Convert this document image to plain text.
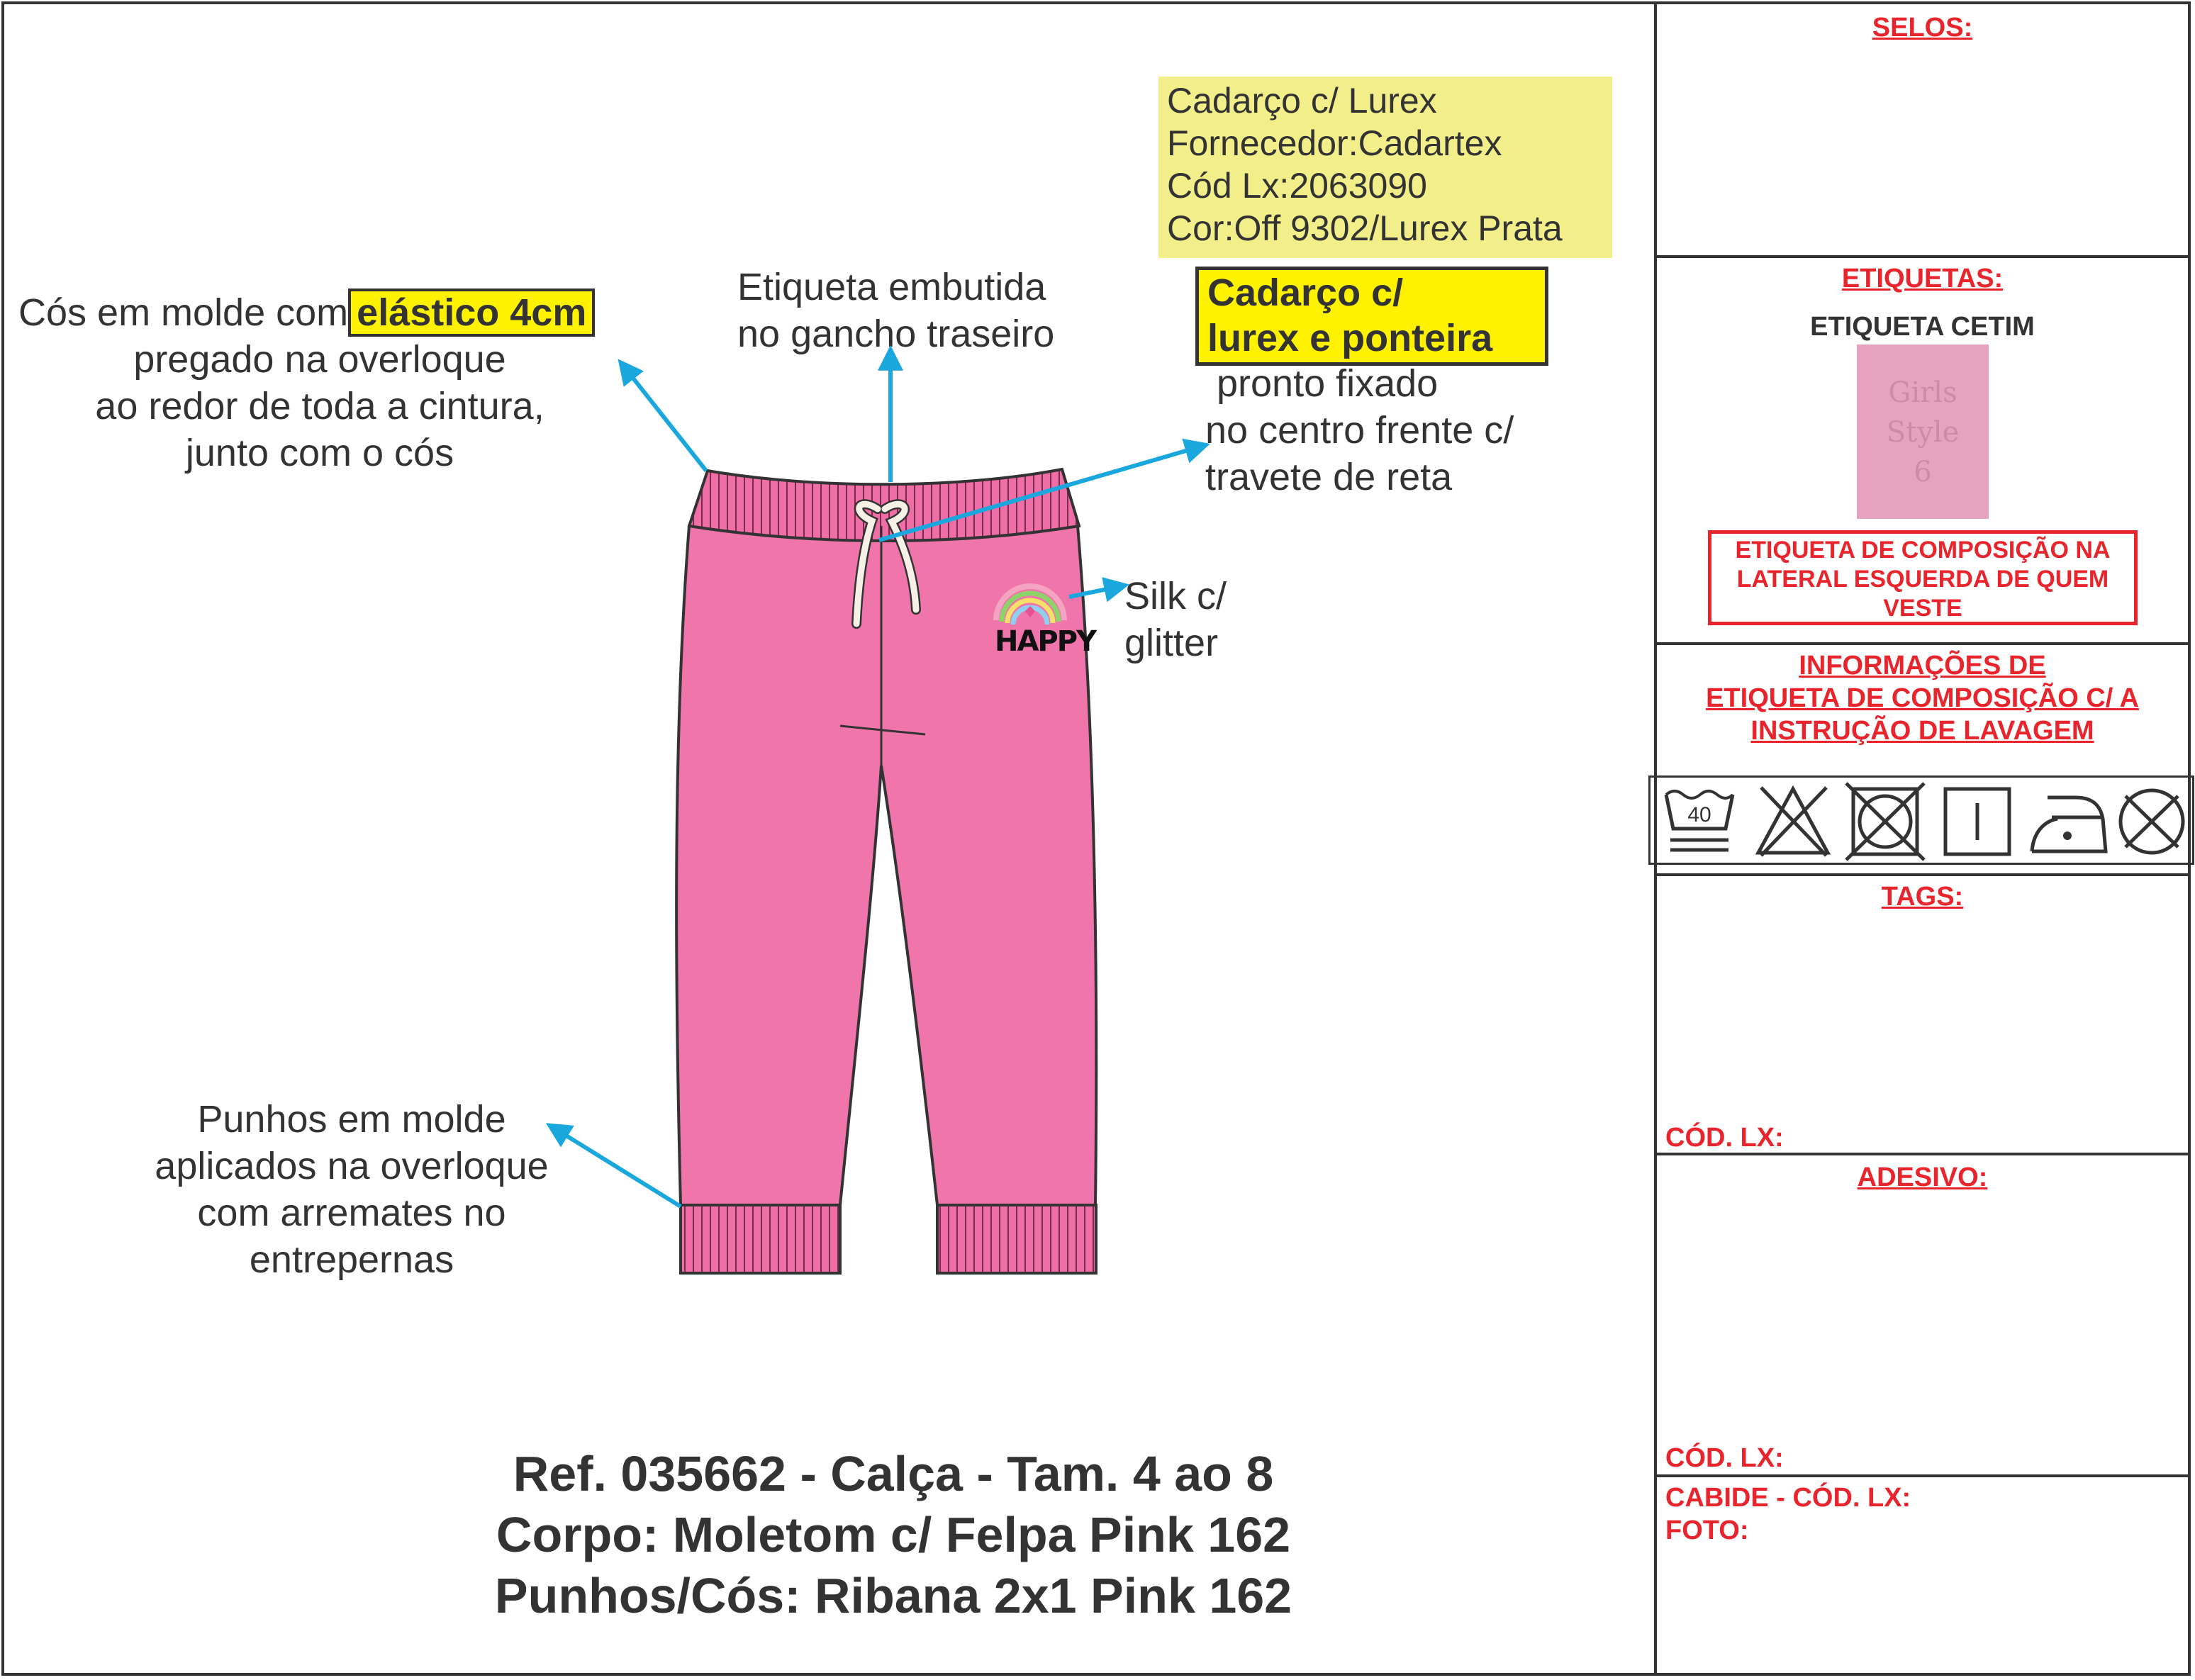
Cós em molde com elástico 4cm
pregado na overloque
ao redor de toda a cintura,
junto com o cós
Etiqueta embutida
no gancho traseiro
Cadarço c/ Lurex
Fornecedor:Cadartex
Cód Lx:2063090
Cor:Off 9302/Lurex Prata
Cadarço c/
lurex e ponteira
pronto fixado
no centro frente c/
travete de reta
Silk c/
glitter
Punhos em molde
aplicados na overloque
com arremates no
entrepernas
HAPPY
Ref. 035662 - Calça - Tam. 4 ao 8
Corpo: Moletom c/ Felpa Pink 162
Punhos/Cós: Ribana 2x1 Pink 162
SELOS:
ETIQUETAS:
ETIQUETA CETIM
Girls
Style
6
ETIQUETA DE COMPOSIÇÃO NA LATERAL ESQUERDA DE QUEM VESTE
INFORMAÇÕES DE
ETIQUETA DE COMPOSIÇÃO C/ A
INSTRUÇÃO DE LAVAGEM
40
TAGS:
CÓD. LX:
ADESIVO:
CÓD. LX:
CABIDE - CÓD. LX:
FOTO:
